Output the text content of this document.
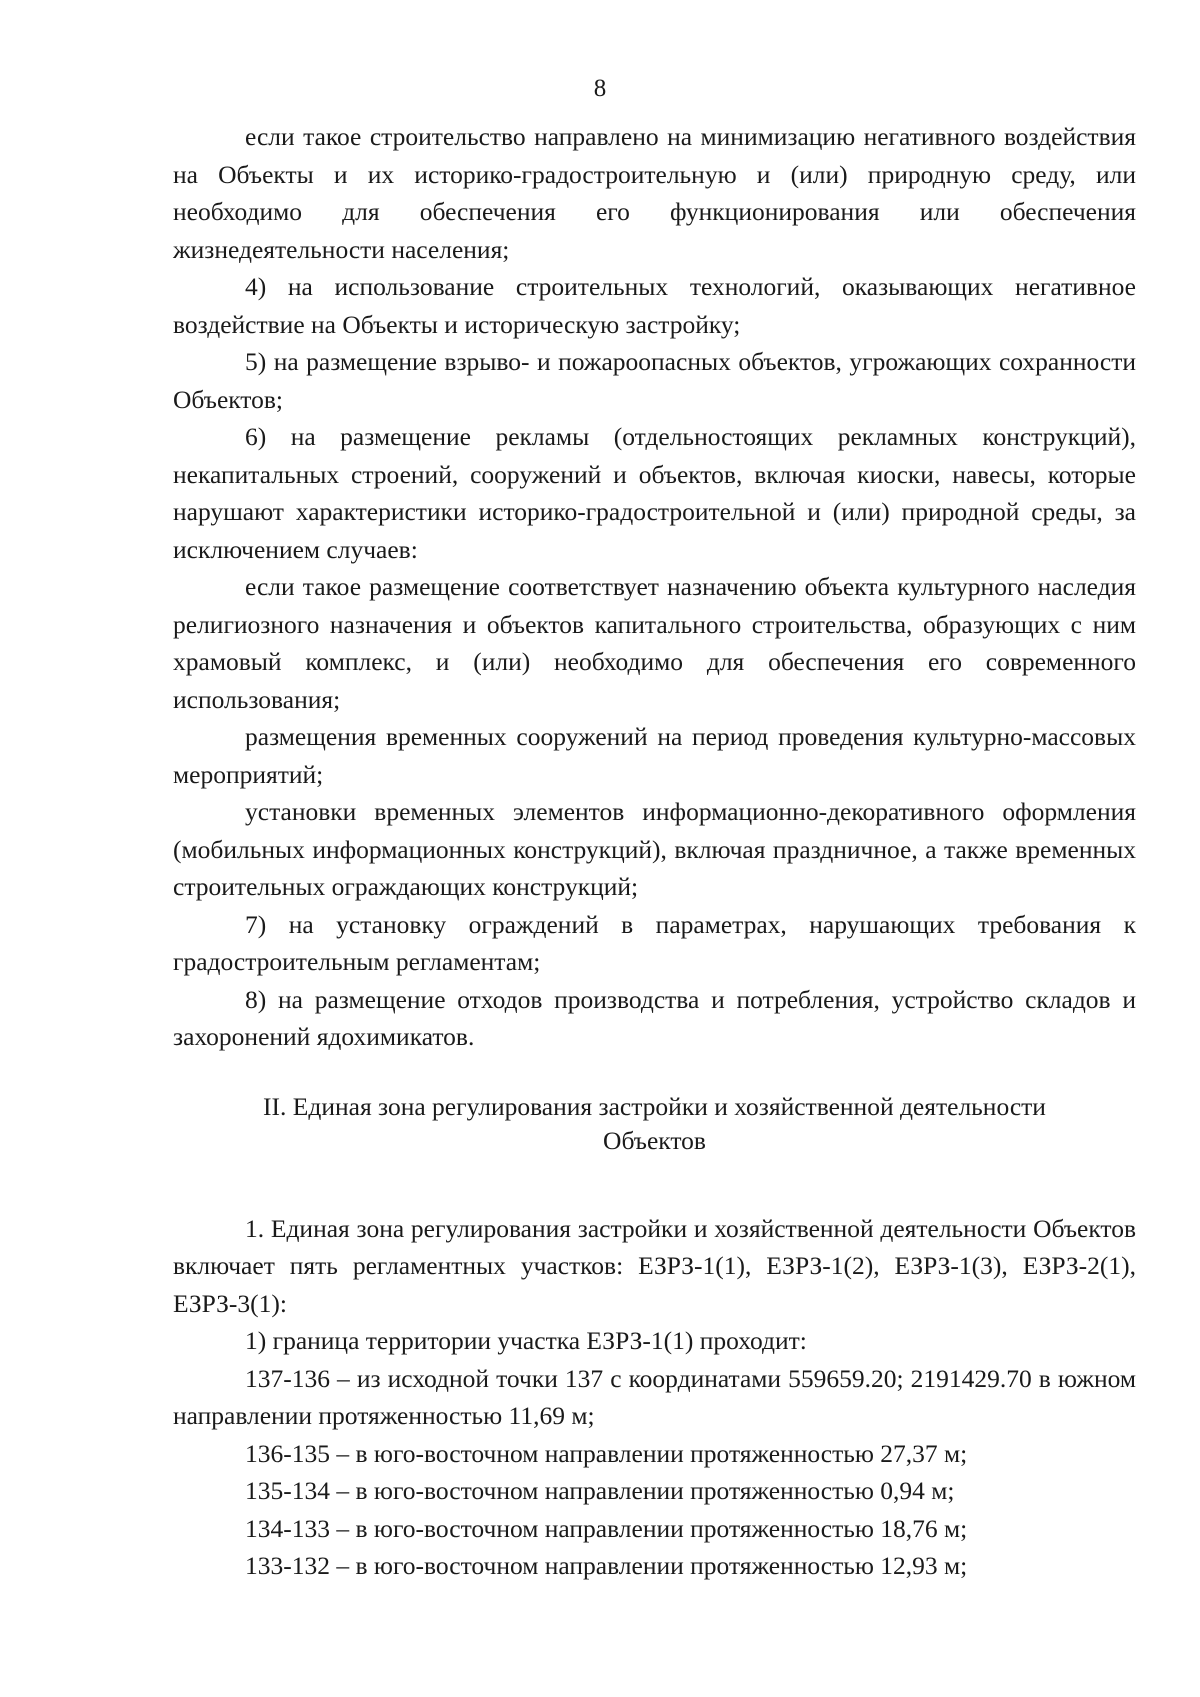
8

если такое строительство направлено на минимизацию негативного воздействия на Объекты и их историко-градостроительную и (или) природную среду, или необходимо для обеспечения его функционирования или обеспечения жизнедеятельности населения;

4) на использование строительных технологий, оказывающих негативное воздействие на Объекты и историческую застройку;

5) на размещение взрыво- и пожароопасных объектов, угрожающих сохранности Объектов;

6) на размещение рекламы (отдельностоящих рекламных конструкций), некапитальных строений, сооружений и объектов, включая киоски, навесы, которые нарушают характеристики историко-градостроительной и (или) природной среды, за исключением случаев:

если такое размещение соответствует назначению объекта культурного наследия религиозного назначения и объектов капитального строительства, образующих с ним храмовый комплекс, и (или) необходимо для обеспечения его современного использования;

размещения временных сооружений на период проведения культурно-массовых мероприятий;

установки временных элементов информационно-декоративного оформления (мобильных информационных конструкций), включая праздничное, а также временных строительных ограждающих конструкций;

7) на установку ограждений в параметрах, нарушающих требования к градостроительным регламентам;

8) на размещение отходов производства и потребления, устройство складов и захоронений ядохимикатов.

II. Единая зона регулирования застройки и хозяйственной деятельности
Объектов

1. Единая зона регулирования застройки и хозяйственной деятельности Объектов включает пять регламентных участков: ЕЗРЗ-1(1), ЕЗРЗ-1(2), ЕЗРЗ-1(3), ЕЗРЗ-2(1), ЕЗРЗ-3(1):

1) граница территории участка ЕЗРЗ-1(1) проходит:

137-136 – из исходной точки 137 с координатами 559659.20; 2191429.70 в южном направлении протяженностью 11,69 м;

136-135 – в юго-восточном направлении протяженностью 27,37 м;

135-134 – в юго-восточном направлении протяженностью 0,94 м;

134-133 – в юго-восточном направлении протяженностью 18,76 м;

133-132 – в юго-восточном направлении протяженностью 12,93 м;
